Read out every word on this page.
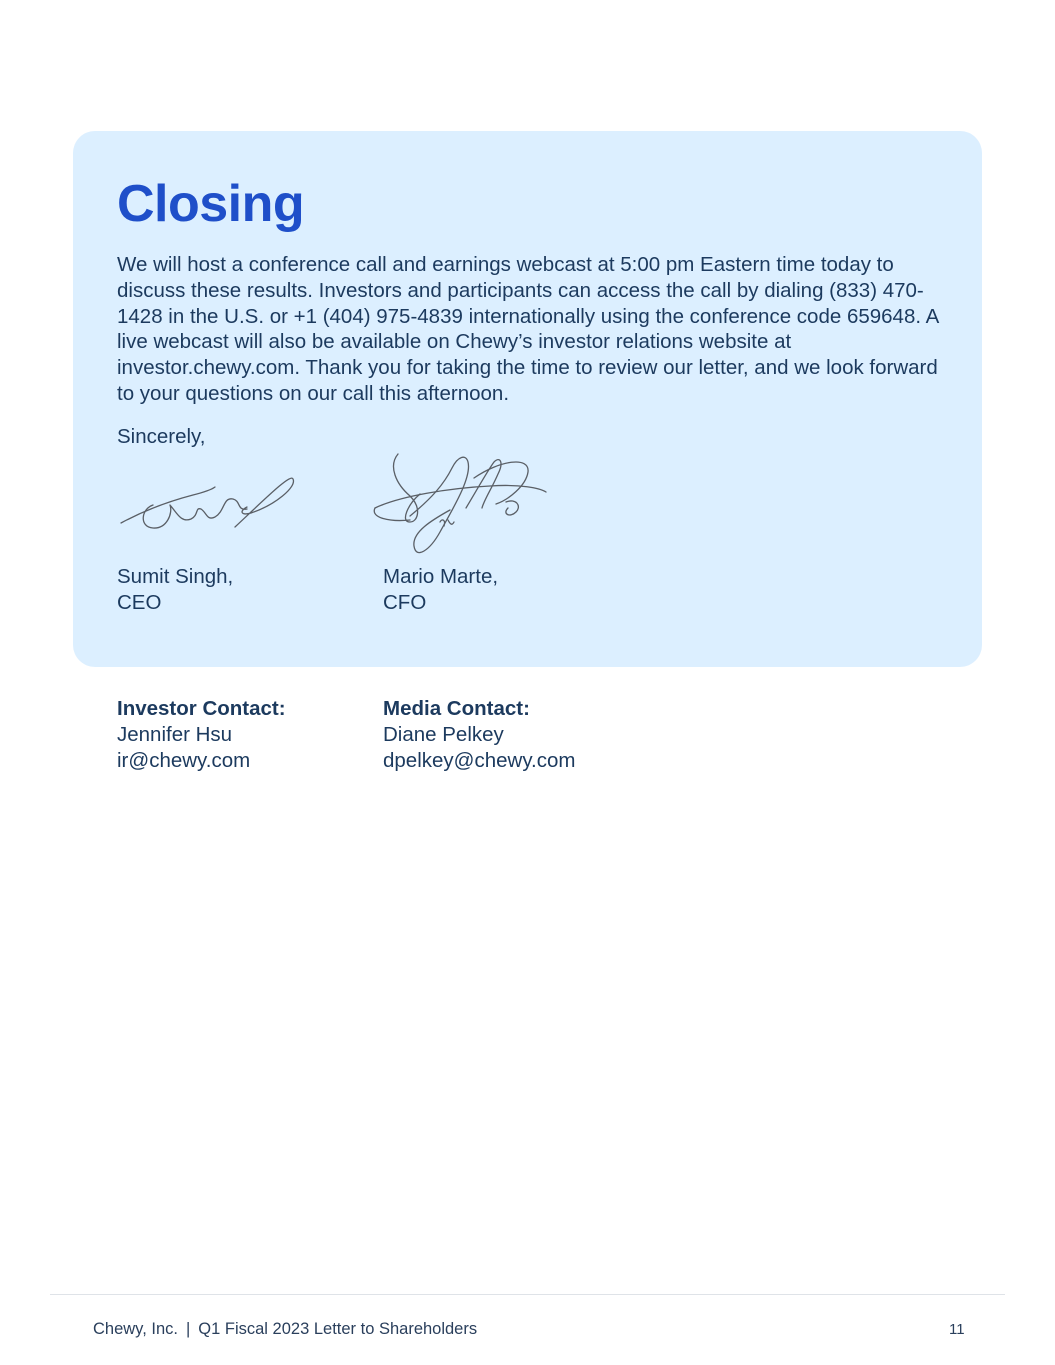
Closing

We will host a conference call and earnings webcast at 5:00 pm Eastern time today to discuss these results. Investors and participants can access the call by dialing (833) 470-1428 in the U.S. or +1 (404) 975-4839 internationally using the conference code 659648. A live webcast will also be available on Chewy’s investor relations website at investor.chewy.com. Thank you for taking the time to review our letter, and we look forward to your questions on our call this afternoon.

Sincerely,

Sumit Singh,
CEO
Mario Marte,
CFO
Investor Contact:
Jennifer Hsu
ir@chewy.com
Media Contact:
Diane Pelkey
dpelkey@chewy.com
Chewy, Inc. | Q1 Fiscal 2023 Letter to Shareholders	11
